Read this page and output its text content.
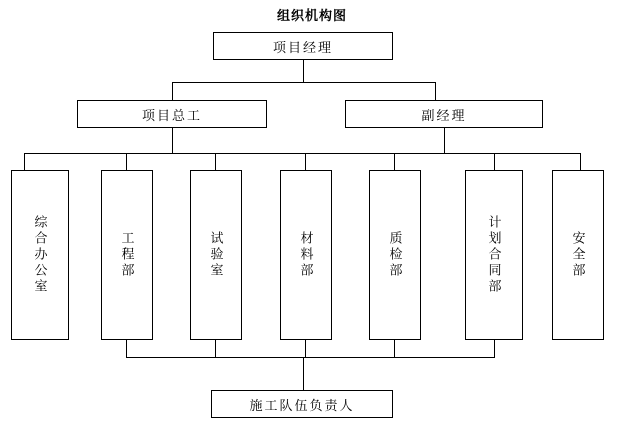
组织机构图
项目经理
项目总工	副经理
综合办公室	工程部	试验室	材料部	质检部	计划合同部	安全部
施工队伍负责人
